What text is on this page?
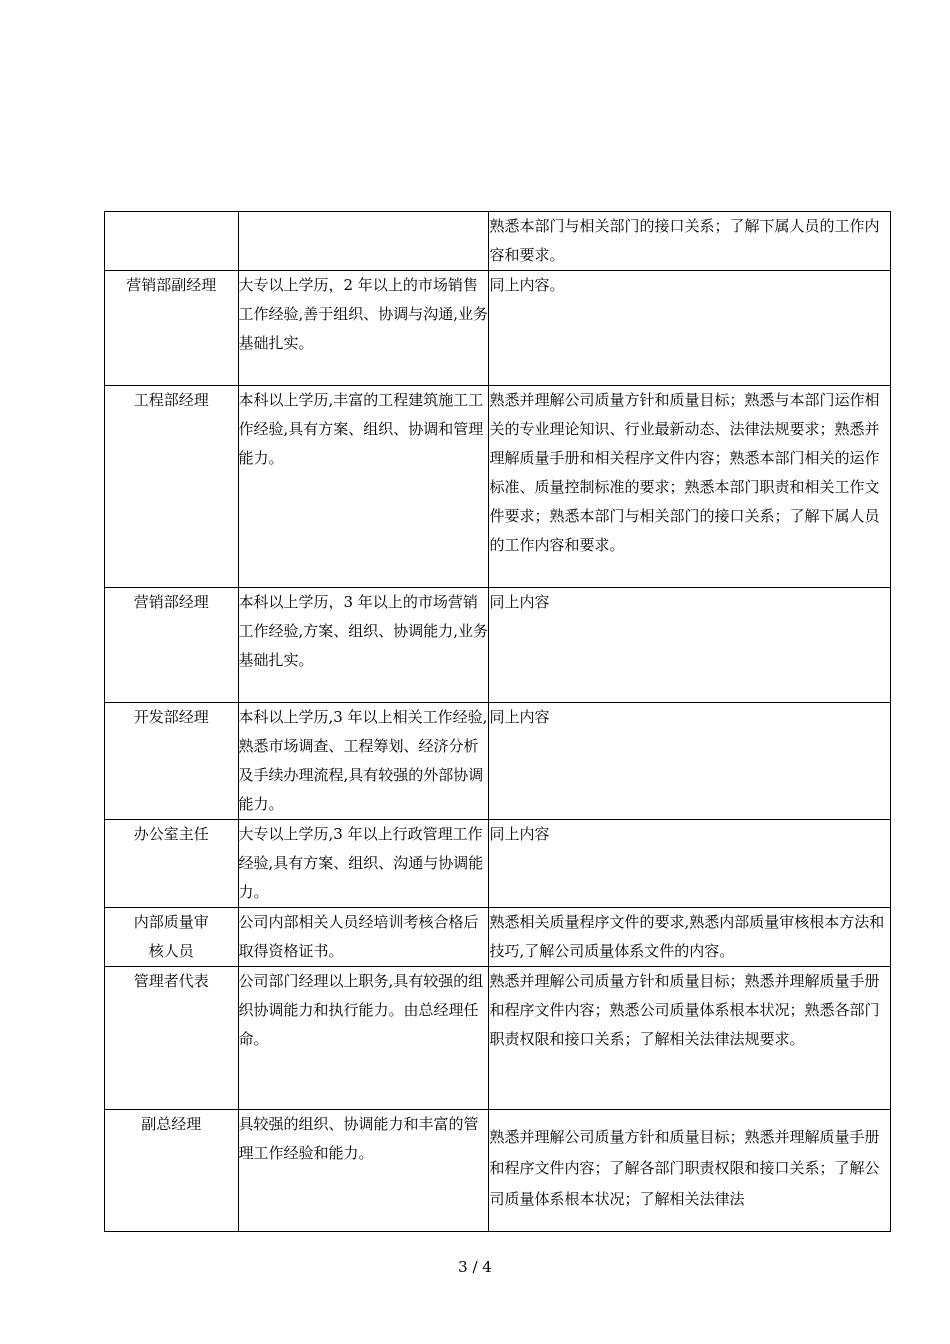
		熟悉本部门与相关部门的接口关系；了解下属人员的工作内容和要求。
营销部副经理	大专以上学历，2 年以上的市场销售工作经验,善于组织、协调与沟通,业务基础扎实。	同上内容。
工程部经理	本科以上学历,丰富的工程建筑施工工作经验,具有方案、组织、协调和管理能力。	熟悉并理解公司质量方针和质量目标；熟悉与本部门运作相关的专业理论知识、行业最新动态、法律法规要求；熟悉并理解质量手册和相关程序文件内容；熟悉本部门相关的运作标准、质量控制标准的要求；熟悉本部门职责和相关工作文件要求；熟悉本部门与相关部门的接口关系；了解下属人员的工作内容和要求。
营销部经理	本科以上学历，3 年以上的市场营销工作经验,方案、组织、协调能力,业务基础扎实。	同上内容
开发部经理	本科以上学历,3 年以上相关工作经验,熟悉市场调查、工程筹划、经济分析及手续办理流程,具有较强的外部协调能力。	同上内容
办公室主任	大专以上学历,3 年以上行政管理工作经验,具有方案、组织、沟通与协调能力。	同上内容
内部质量审核人员	公司内部相关人员经培训考核合格后取得资格证书。	熟悉相关质量程序文件的要求,熟悉内部质量审核根本方法和技巧,了解公司质量体系文件的内容。
管理者代表	公司部门经理以上职务,具有较强的组织协调能力和执行能力。由总经理任命。	熟悉并理解公司质量方针和质量目标；熟悉并理解质量手册和程序文件内容；熟悉公司质量体系根本状况；熟悉各部门职责权限和接口关系；了解相关法律法规要求。
副总经理	具较强的组织、协调能力和丰富的管理工作经验和能力。	熟悉并理解公司质量方针和质量目标；熟悉并理解质量手册和程序文件内容；了解各部门职责权限和接口关系；了解公司质量体系根本状况；了解相关法律法
3 / 4
